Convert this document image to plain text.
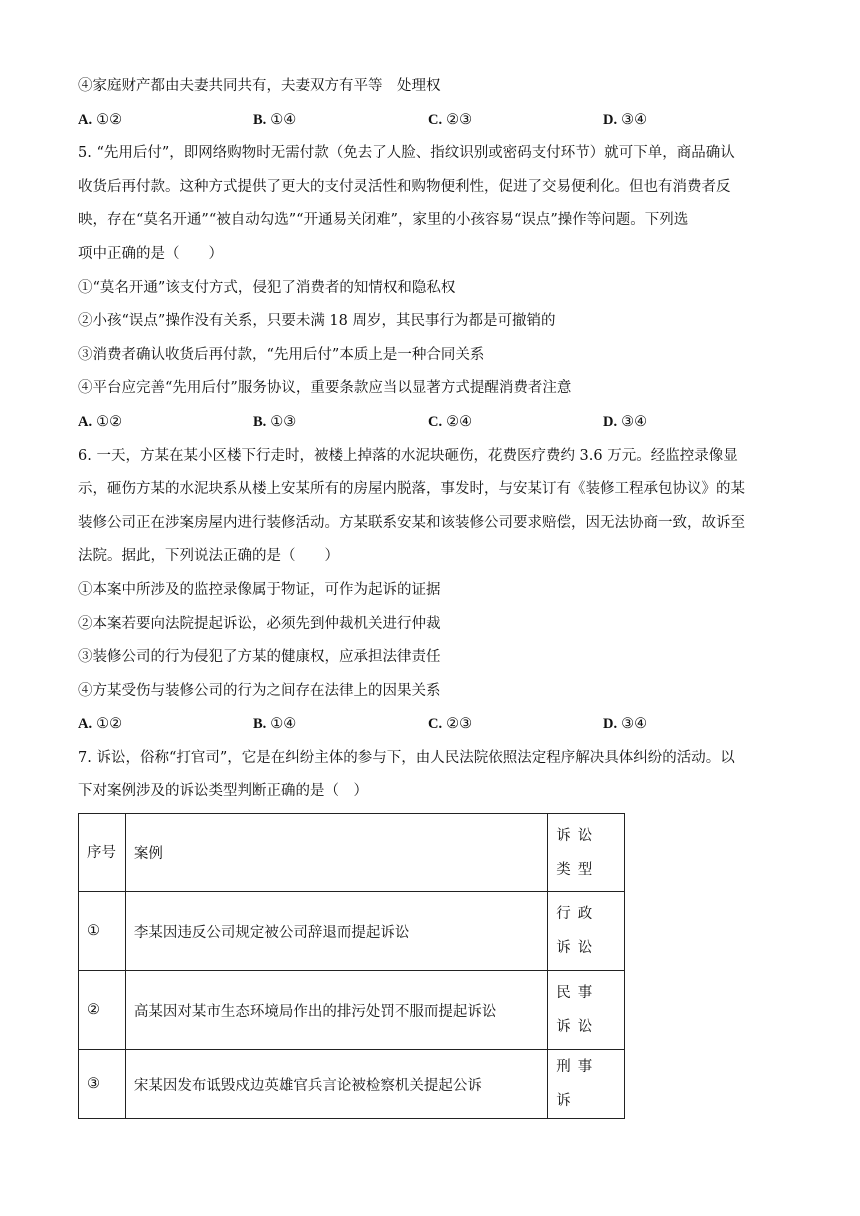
④家庭财产都由夫妻共同共有，夫妻双方有平等　处理权
A. ①②	B. ①④	C. ②③	D. ③④
5. “先用后付”，即网络购物时无需付款（免去了人脸、指纹识别或密码支付环节）就可下单，商品确认
收货后再付款。这种方式提供了更大的支付灵活性和购物便利性，促进了交易便利化。但也有消费者反
映，存在“莫名开通”“被自动勾选”“开通易关闭难”，家里的小孩容易“误点”操作等问题。下列选
项中正确的是（　　）
①“莫名开通”该支付方式，侵犯了消费者的知情权和隐私权
②小孩“误点”操作没有关系，只要未满 18 周岁，其民事行为都是可撤销的
③消费者确认收货后再付款，“先用后付”本质上是一种合同关系
④平台应完善“先用后付”服务协议，重要条款应当以显著方式提醒消费者注意
A. ①②	B. ①③	C. ②④	D. ③④
6. 一天，方某在某小区楼下行走时，被楼上掉落的水泥块砸伤，花费医疗费约 3.6 万元。经监控录像显
示，砸伤方某的水泥块系从楼上安某所有的房屋内脱落，事发时，与安某订有《装修工程承包协议》的某
装修公司正在涉案房屋内进行装修活动。方某联系安某和该装修公司要求赔偿，因无法协商一致，故诉至
法院。据此，下列说法正确的是（　　）
①本案中所涉及的监控录像属于物证，可作为起诉的证据
②本案若要向法院提起诉讼，必须先到仲裁机关进行仲裁
③装修公司的行为侵犯了方某的健康权，应承担法律责任
④方某受伤与装修公司的行为之间存在法律上的因果关系
A. ①②	B. ①④	C. ②③	D. ③④
7. 诉讼，俗称“打官司”，它是在纠纷主体的参与下，由人民法院依照法定程序解决具体纠纷的活动。以
下对案例涉及的诉讼类型判断正确的是（　）
序号	案例	诉讼类型
①	李某因违反公司规定被公司辞退而提起诉讼	行政诉讼
②	高某因对某市生态环境局作出的排污处罚不服而提起诉讼	民事诉讼
③	宋某因发布诋毁戍边英雄官兵言论被检察机关提起公诉	刑事诉
